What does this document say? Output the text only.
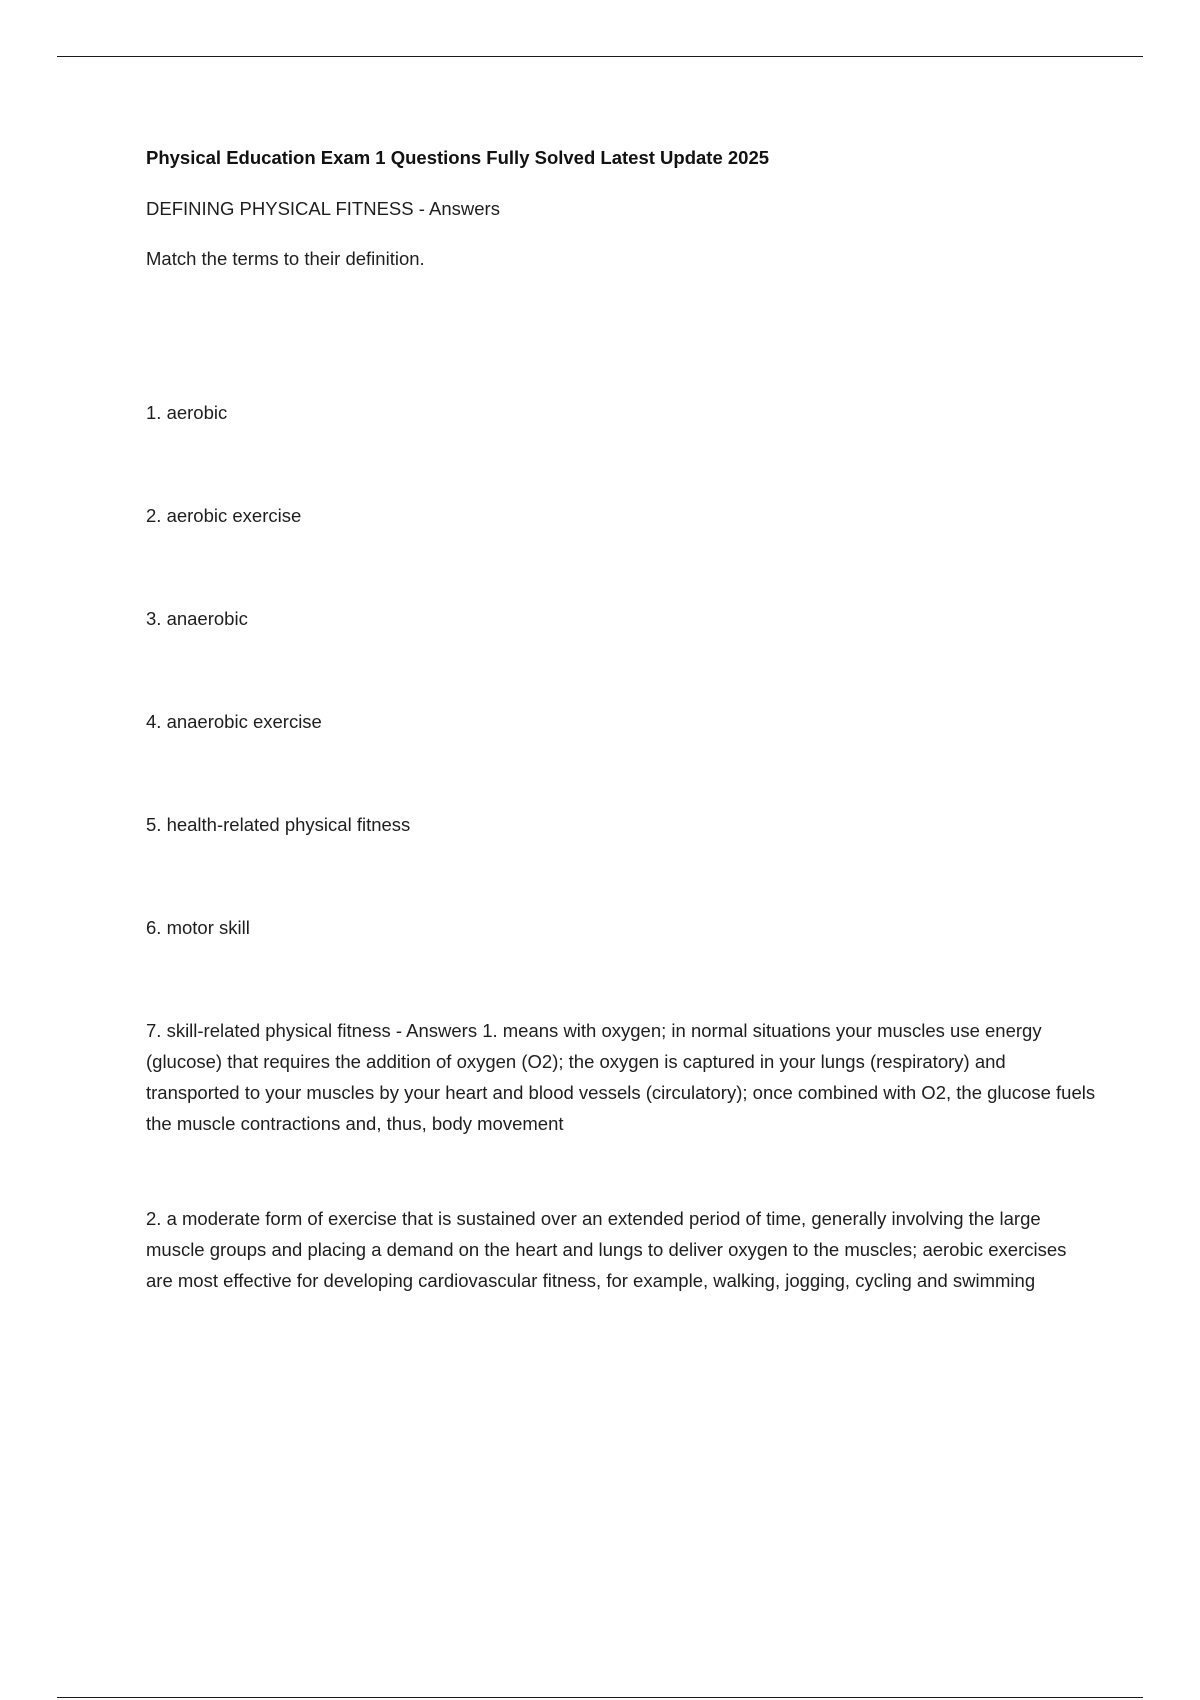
Physical Education Exam 1 Questions Fully Solved Latest Update 2025

DEFINING PHYSICAL FITNESS - Answers

Match the terms to their definition.

1. aerobic

2. aerobic exercise

3. anaerobic

4. anaerobic exercise

5. health-related physical fitness

6. motor skill

7. skill-related physical fitness - Answers 1. means with oxygen; in normal situations your muscles use energy (glucose) that requires the addition of oxygen (O2); the oxygen is captured in your lungs (respiratory) and transported to your muscles by your heart and blood vessels (circulatory); once combined with O2, the glucose fuels the muscle contractions and, thus, body movement

2. a moderate form of exercise that is sustained over an extended period of time, generally involving the large muscle groups and placing a demand on the heart and lungs to deliver oxygen to the muscles; aerobic exercises are most effective for developing cardiovascular fitness, for example, walking, jogging, cycling and swimming
